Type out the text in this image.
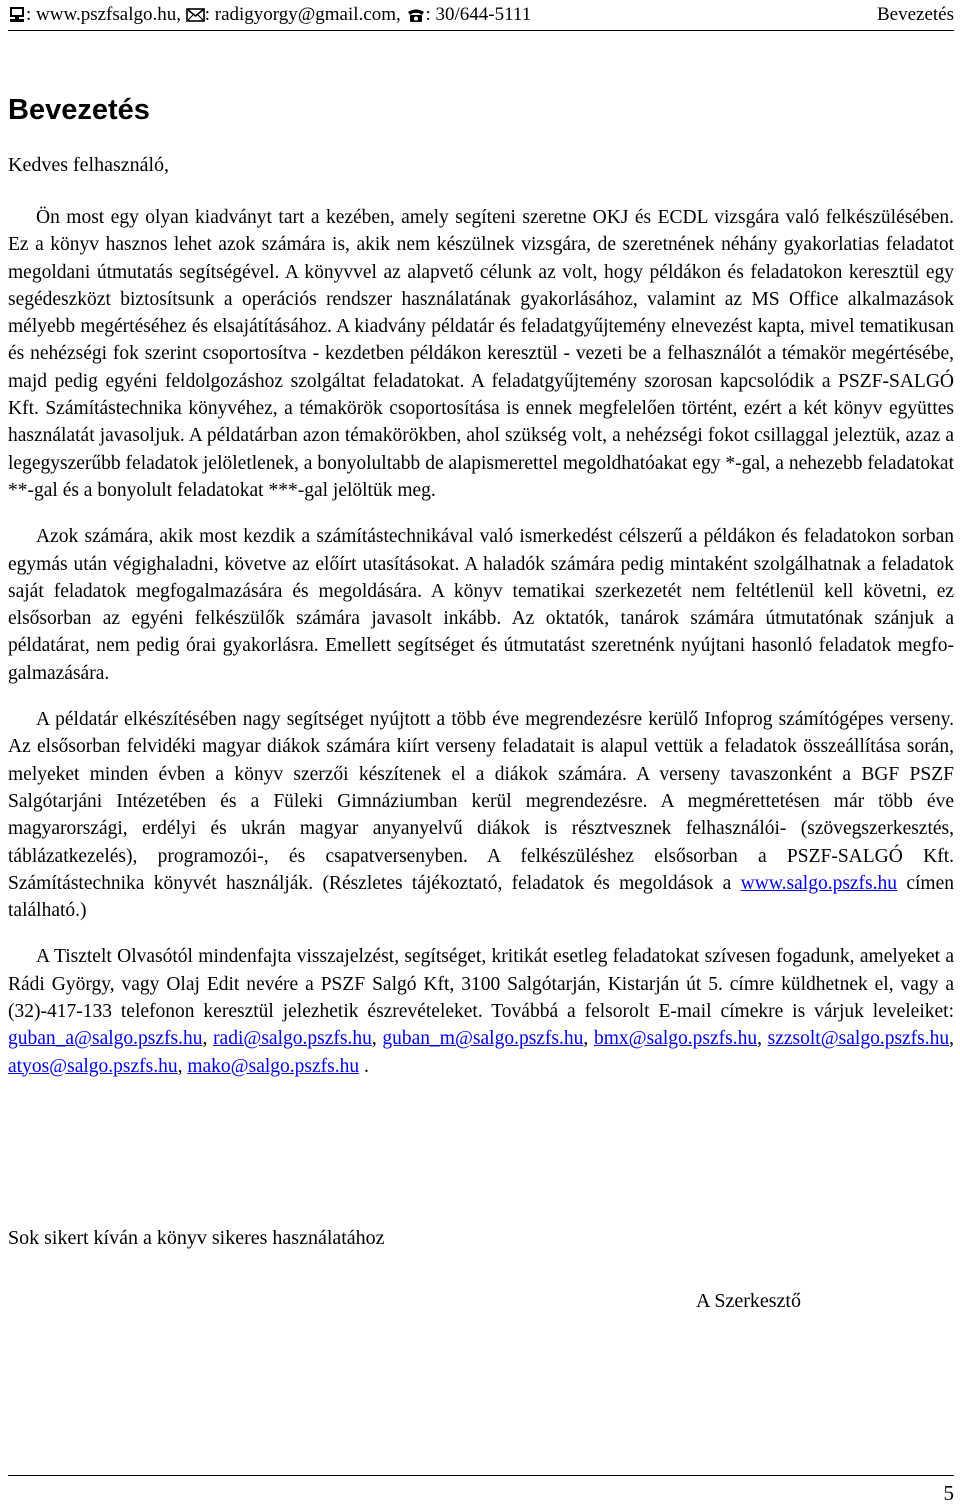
: www.pszfsalgo.hu, : radigyorgy@gmail.com, : 30/644-5111	Bevezetés
Bevezetés

Kedves felhasználó,

Ön most egy olyan kiadványt tart a kezében, amely segíteni szeretne OKJ és ECDL vizsgára való felkészülésében. Ez a könyv hasznos lehet azok számára is, akik nem készülnek vizsgára, de szeretnének néhány gyakorlatias feladatot megoldani útmutatás segítségével. A könyvvel az alapvető célunk az volt, hogy példákon és feladatokon keresztül egy segédeszközt biztosítsunk a operációs rendszer használatának gyakorlásához, valamint az MS Office alkalmazások mélyebb megértéséhez és elsajátításához. A kiadvány példatár és feladatgyűjtemény elnevezést kapta, mivel tematikusan és nehézségi fok szerint csoportosítva - kezdetben példákon keresztül - vezeti be a felhasználót a témakör megértésébe, majd pedig egyéni feldolgozáshoz szolgáltat feladatokat. A feladatgyűjtemény szorosan kapcsolódik a PSZF-SALGÓ Kft. Számítástechnika könyvéhez, a témakörök csoportosítása is ennek megfelelően történt, ezért a két könyv együttes használatát javasoljuk. A példatárban azon témakörökben, ahol szükség volt, a nehézségi fokot csillaggal jeleztük, azaz a legegyszerűbb feladatok jelöletlenek, a bonyolultabb de alapismerettel megoldhatóakat egy *-gal, a nehezebb feladatokat **-gal és a bonyolult feladatokat ***-gal jelöltük meg.

Azok számára, akik most kezdik a számítástechnikával való ismerkedést célszerű a példákon és feladatokon sorban egymás után végighaladni, követve az előírt utasításokat. A haladók számára pedig mintaként szolgálhatnak a feladatok saját feladatok megfogalmazására és megoldására. A könyv tematikai szerkezetét nem feltétlenül kell követni, ez elsősorban az egyéni felkészülők számára javasolt inkább. Az oktatók, tanárok számára útmutatónak szánjuk a példatárat, nem pedig órai gyakorlásra. Emellett segítséget és útmutatást szeretnénk nyújtani hasonló feladatok megfogalmazására.

A példatár elkészítésében nagy segítséget nyújtott a több éve megrendezésre kerülő Infoprog számítógépes verseny. Az elsősorban felvidéki magyar diákok számára kiírt verseny feladatait is alapul vettük a feladatok összeállítása során, melyeket minden évben a könyv szerzői készítenek el a diákok számára. A verseny tavaszonként a BGF PSZF Salgótarjáni Intézetében és a Füleki Gimnáziumban kerül megrendezésre. A megmérettetésen már több éve magyarországi, erdélyi és ukrán magyar anyanyelvű diákok is résztvesznek felhasználói- (szövegszerkesztés, táblázatkezelés), programozói-, és csapatversenyben. A felkészüléshez elsősorban a PSZF-SALGÓ Kft. Számítástechnika könyvét használják. (Részletes tájékoztató, feladatok és megoldások a www.salgo.pszfs.hu címen található.)

A Tisztelt Olvasótól mindenfajta visszajelzést, segítséget, kritikát esetleg feladatokat szívesen fogadunk, amelyeket a Rádi György, vagy Olaj Edit nevére a PSZF Salgó Kft, 3100 Salgótarján, Kistarján út 5. címre küldhetnek el, vagy a (32)-417-133 telefonon keresztül jelezhetik észrevételeket. Továbbá a felsorolt E-mail címekre is várjuk leveleiket: guban_a@salgo.pszfs.hu, radi@salgo.pszfs.hu, guban_m@salgo.pszfs.hu, bmx@salgo.pszfs.hu, szzsolt@salgo.pszfs.hu, atyos@salgo.pszfs.hu, mako@salgo.pszfs.hu .

Sok sikert kíván a könyv sikeres használatához

A Szerkesztő

5
